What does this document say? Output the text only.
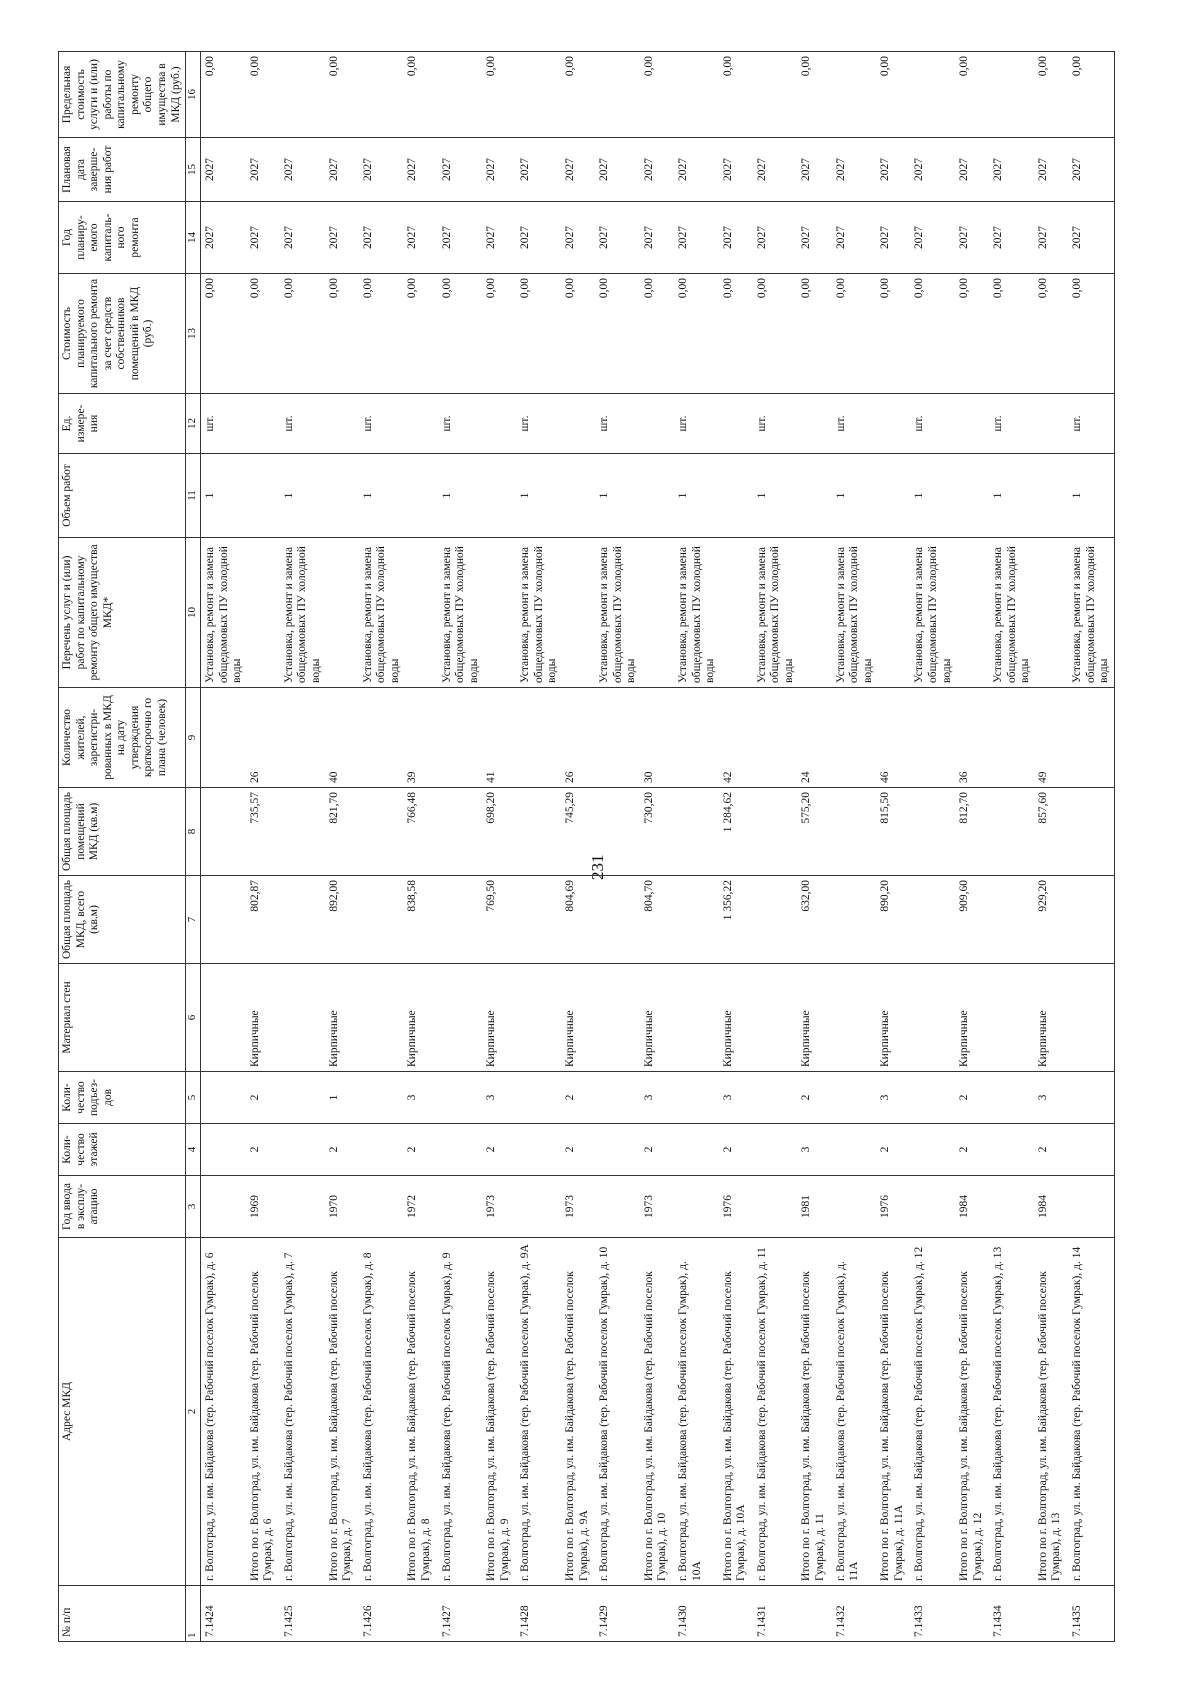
231
№ п/п	Адрес МКД	Год ввода в эксплу-атацию	Коли-чество этажей	Коли-чество подъез-дов	Материал стен	Общая площадь МКД, всего (кв.м)	Общая площадь помещений МКД (кв.м)	Количество жителей, зарегистри-рованных в МКД на дату утверждения краткосрочно го плана (человек)	Перечень услуг и (или) работ по капитальному ремонту общего имущества МКД*	Объем работ	Ед. измере-ния	Стоимость планируемого капитального ремонта за счет средств собственников помещений в МКД (руб.)	Год планиру-емого капиталь-ного ремонта	Плановая дата заверше-ния работ	Предельная стоимость услуги и (или) работы по капитальному ремонту общего имущества в МКД (руб.)
1	2	3	4	5	6	7	8	9	10	11	12	13	14	15	16
7.1424	г. Волгоград, ул. им. Байдакова (тер. Рабочий поселок Гумрак), д. 6								Установка, ремонт и замена общедомовых ПУ холодной воды	1	шт.	0,00	2027	2027	0,00
	Итого по г. Волгоград, ул. им. Байдакова (тер. Рабочий поселок Гумрак), д. 6	1969	2	2	Кирпичные	802,87	735,57	26				0,00	2027	2027	0,00
7.1425	г. Волгоград, ул. им. Байдакова (тер. Рабочий поселок Гумрак), д. 7								Установка, ремонт и замена общедомовых ПУ холодной воды	1	шт.	0,00	2027	2027	
	Итого по г. Волгоград, ул. им. Байдакова (тер. Рабочий поселок Гумрак), д. 7	1970	2	1	Кирпичные	892,00	821,70	40				0,00	2027	2027	0,00
7.1426	г. Волгоград, ул. им. Байдакова (тер. Рабочий поселок Гумрак), д. 8								Установка, ремонт и замена общедомовых ПУ холодной воды	1	шт.	0,00	2027	2027	
	Итого по г. Волгоград, ул. им. Байдакова (тер. Рабочий поселок Гумрак), д. 8	1972	2	3	Кирпичные	838,58	766,48	39				0,00	2027	2027	0,00
7.1427	г. Волгоград, ул. им. Байдакова (тер. Рабочий поселок Гумрак), д. 9								Установка, ремонт и замена общедомовых ПУ холодной воды	1	шт.	0,00	2027	2027	
	Итого по г. Волгоград, ул. им. Байдакова (тер. Рабочий поселок Гумрак), д. 9	1973	2	3	Кирпичные	769,50	698,20	41				0,00	2027	2027	0,00
7.1428	г. Волгоград, ул. им. Байдакова (тер. Рабочий поселок Гумрак), д. 9А								Установка, ремонт и замена общедомовых ПУ холодной воды	1	шт.	0,00	2027	2027	
	Итого по г. Волгоград, ул. им. Байдакова (тер. Рабочий поселок Гумрак), д. 9А	1973	2	2	Кирпичные	804,69	745,29	26				0,00	2027	2027	0,00
7.1429	г. Волгоград, ул. им. Байдакова (тер. Рабочий поселок Гумрак), д. 10								Установка, ремонт и замена общедомовых ПУ холодной воды	1	шт.	0,00	2027	2027	
	Итого по г. Волгоград, ул. им. Байдакова (тер. Рабочий поселок Гумрак), д. 10	1973	2	3	Кирпичные	804,70	730,20	30				0,00	2027	2027	0,00
7.1430	г. Волгоград, ул. им. Байдакова (тер. Рабочий поселок Гумрак), д. 10А								Установка, ремонт и замена общедомовых ПУ холодной воды	1	шт.	0,00	2027	2027	
	Итого по г. Волгоград, ул. им. Байдакова (тер. Рабочий поселок Гумрак), д. 10А	1976	2	3	Кирпичные	1 356,22	1 284,62	42				0,00	2027	2027	0,00
7.1431	г. Волгоград, ул. им. Байдакова (тер. Рабочий поселок Гумрак), д. 11								Установка, ремонт и замена общедомовых ПУ холодной воды	1	шт.	0,00	2027	2027	
	Итого по г. Волгоград, ул. им. Байдакова (тер. Рабочий поселок Гумрак), д. 11	1981	3	2	Кирпичные	632,00	575,20	24				0,00	2027	2027	0,00
7.1432	г. Волгоград, ул. им. Байдакова (тер. Рабочий поселок Гумрак), д. 11А								Установка, ремонт и замена общедомовых ПУ холодной воды	1	шт.	0,00	2027	2027	
	Итого по г. Волгоград, ул. им. Байдакова (тер. Рабочий поселок Гумрак), д. 11А	1976	2	3	Кирпичные	890,20	815,50	46				0,00	2027	2027	0,00
7.1433	г. Волгоград, ул. им. Байдакова (тер. Рабочий поселок Гумрак), д. 12								Установка, ремонт и замена общедомовых ПУ холодной воды	1	шт.	0,00	2027	2027	
	Итого по г. Волгоград, ул. им. Байдакова (тер. Рабочий поселок Гумрак), д. 12	1984	2	2	Кирпичные	909,60	812,70	36				0,00	2027	2027	0,00
7.1434	г. Волгоград, ул. им. Байдакова (тер. Рабочий поселок Гумрак), д. 13								Установка, ремонт и замена общедомовых ПУ холодной воды	1	шт.	0,00	2027	2027	
	Итого по г. Волгоград, ул. им. Байдакова (тер. Рабочий поселок Гумрак), д. 13	1984	2	3	Кирпичные	929,20	857,60	49				0,00	2027	2027	0,00
7.1435	г. Волгоград, ул. им. Байдакова (тер. Рабочий поселок Гумрак), д. 14								Установка, ремонт и замена общедомовых ПУ холодной воды	1	шт.	0,00	2027	2027	0,00
